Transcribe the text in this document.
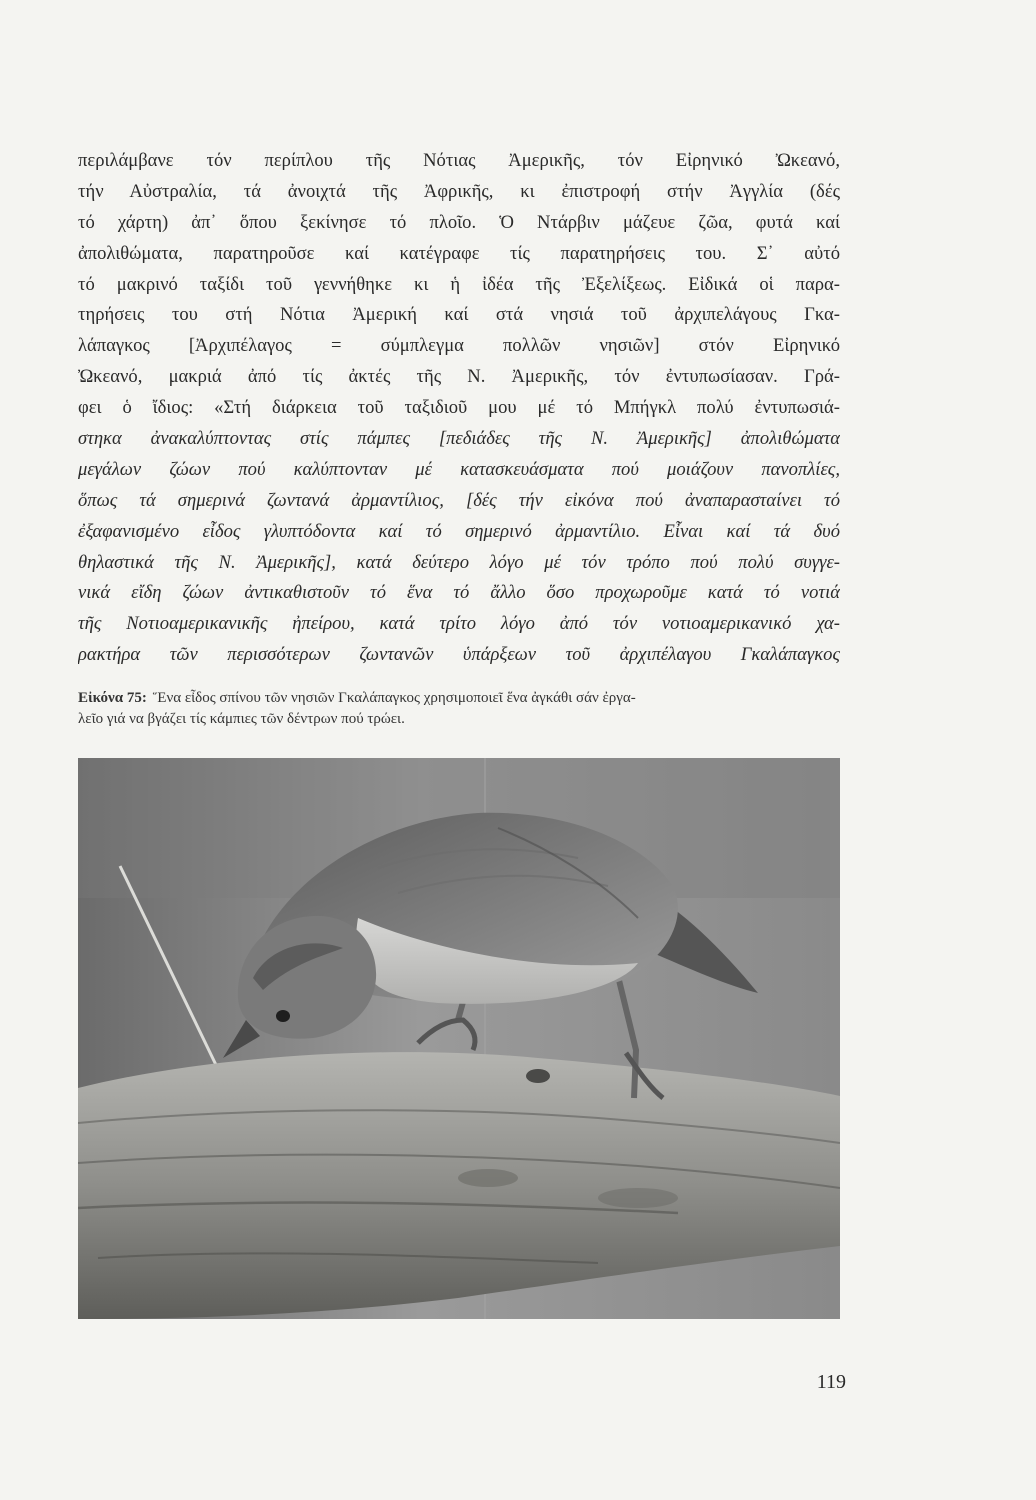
περιλάμβανε τόν περίπλου τῆς Νότιας Ἀμερικῆς, τόν Εἰρηνικό Ὠκεανό,
τήν Αὐστραλία, τά ἀνοιχτά τῆς Ἀφρικῆς, κι ἐπιστροφή στήν Ἀγγλία (δές
τό χάρτη) ἀπ᾽ ὅπου ξεκίνησε τό πλοῖο. Ὁ Ντάρβιν μάζευε ζῶα, φυτά καί
ἀπολιθώματα, παρατηροῦσε καί κατέγραφε τίς παρατηρήσεις του. Σ᾽ αὐτό
τό μακρινό ταξίδι τοῦ γεννήθηκε κι ἡ ἰδέα τῆς Ἐξελίξεως. Εἰδικά οἱ παρα-
τηρήσεις του στή Νότια Ἀμερική καί στά νησιά τοῦ ἀρχιπελάγους Γκα-
λάπαγκος [Ἀρχιπέλαγος = σύμπλεγμα πολλῶν νησιῶν] στόν Εἰρηνικό
Ὠκεανό, μακριά ἀπό τίς ἀκτές τῆς Ν. Ἀμερικῆς, τόν ἐντυπωσίασαν. Γρά-
φει ὁ ἴδιος: «Στή διάρκεια τοῦ ταξιδιοῦ μου μέ τό Μπήγκλ πολύ ἐντυπωσιά-
στηκα ἀνακαλύπτοντας στίς πάμπες [πεδιάδες τῆς Ν. Ἀμερικῆς] ἀπολιθώματα
μεγάλων ζώων πού καλύπτονταν μέ κατασκευάσματα πού μοιάζουν πανοπλίες,
ὅπως τά σημερινά ζωντανά ἀρμαντίλιος, [δές τήν εἰκόνα πού ἀναπαρασταίνει τό
ἐξαφανισμένο εἶδος γλυπτόδοντα καί τό σημερινό ἀρμαντίλιο. Εἶναι καί τά δυό
θηλαστικά τῆς Ν. Ἀμερικῆς], κατά δεύτερο λόγο μέ τόν τρόπο πού πολύ συγγε-
νικά εἴδη ζώων ἀντικαθιστοῦν τό ἕνα τό ἄλλο ὅσο προχωροῦμε κατά τό νοτιά
τῆς Νοτιοαμερικανικῆς ἠπείρου, κατά τρίτο λόγο ἀπό τόν νοτιοαμερικανικό χα-
ρακτήρα τῶν περισσότερων ζωντανῶν ὑπάρξεων τοῦ ἀρχιπέλαγου Γκαλάπαγκος
Εἰκόνα 75: Ἕνα εἶδος σπίνου τῶν νησιῶν Γκαλάπαγκος χρησιμοποιεῖ ἕνα ἀγκάθι σάν ἐργα-
λεῖο γιά να βγάζει τίς κάμπιες τῶν δέντρων πού τρώει.
119
